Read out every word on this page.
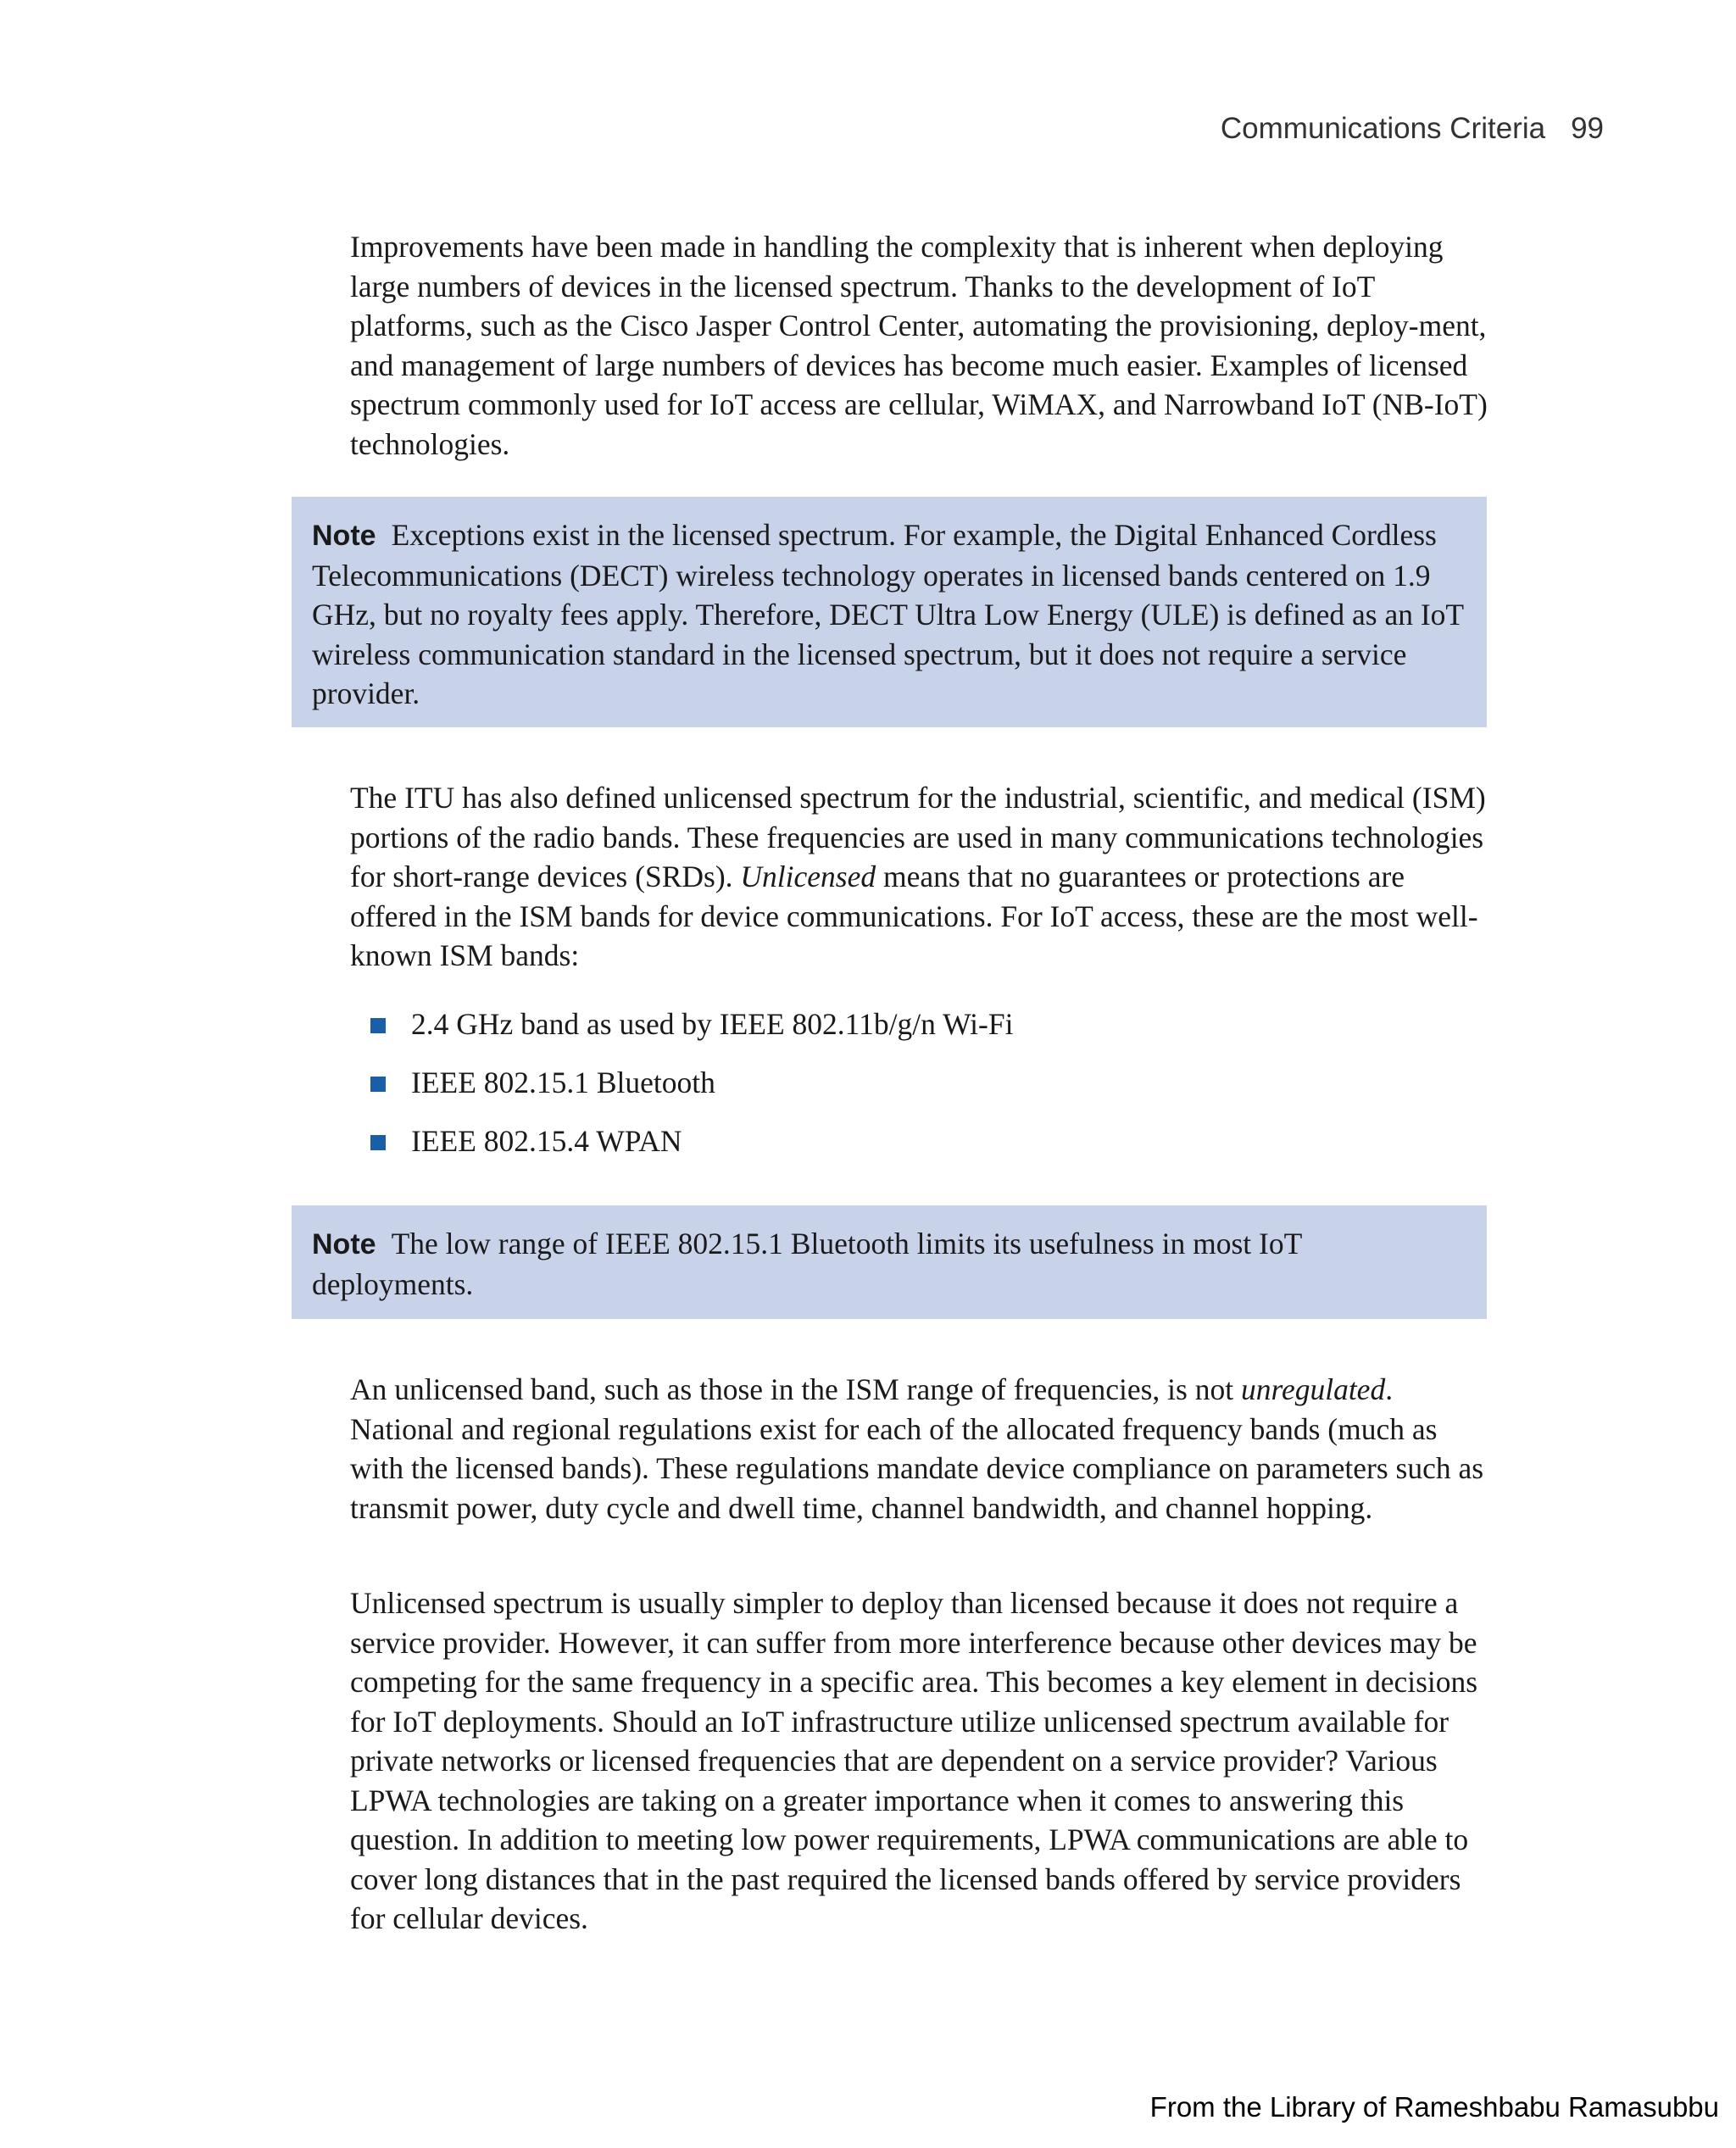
Communications Criteria 99

Improvements have been made in handling the complexity that is inherent when deploying large numbers of devices in the licensed spectrum. Thanks to the development of IoT platforms, such as the Cisco Jasper Control Center, automating the provisioning, deploy-ment, and management of large numbers of devices has become much easier. Examples of licensed spectrum commonly used for IoT access are cellular, WiMAX, and Narrowband IoT (NB-IoT) technologies.

Note Exceptions exist in the licensed spectrum. For example, the Digital Enhanced Cordless Telecommunications (DECT) wireless technology operates in licensed bands centered on 1.9 GHz, but no royalty fees apply. Therefore, DECT Ultra Low Energy (ULE) is defined as an IoT wireless communication standard in the licensed spectrum, but it does not require a service provider.

The ITU has also defined unlicensed spectrum for the industrial, scientific, and medical (ISM) portions of the radio bands. These frequencies are used in many communications technologies for short-range devices (SRDs). Unlicensed means that no guarantees or protections are offered in the ISM bands for device communications. For IoT access, these are the most well-known ISM bands:

2.4 GHz band as used by IEEE 802.11b/g/n Wi-Fi
IEEE 802.15.1 Bluetooth
IEEE 802.15.4 WPAN
Note The low range of IEEE 802.15.1 Bluetooth limits its usefulness in most IoT deployments.

An unlicensed band, such as those in the ISM range of frequencies, is not unregulated. National and regional regulations exist for each of the allocated frequency bands (much as with the licensed bands). These regulations mandate device compliance on parameters such as transmit power, duty cycle and dwell time, channel bandwidth, and channel hopping.

Unlicensed spectrum is usually simpler to deploy than licensed because it does not require a service provider. However, it can suffer from more interference because other devices may be competing for the same frequency in a specific area. This becomes a key element in decisions for IoT deployments. Should an IoT infrastructure utilize unlicensed spectrum available for private networks or licensed frequencies that are dependent on a service provider? Various LPWA technologies are taking on a greater importance when it comes to answering this question. In addition to meeting low power requirements, LPWA communications are able to cover long distances that in the past required the licensed bands offered by service providers for cellular devices.

From the Library of Rameshbabu Ramasubbu
